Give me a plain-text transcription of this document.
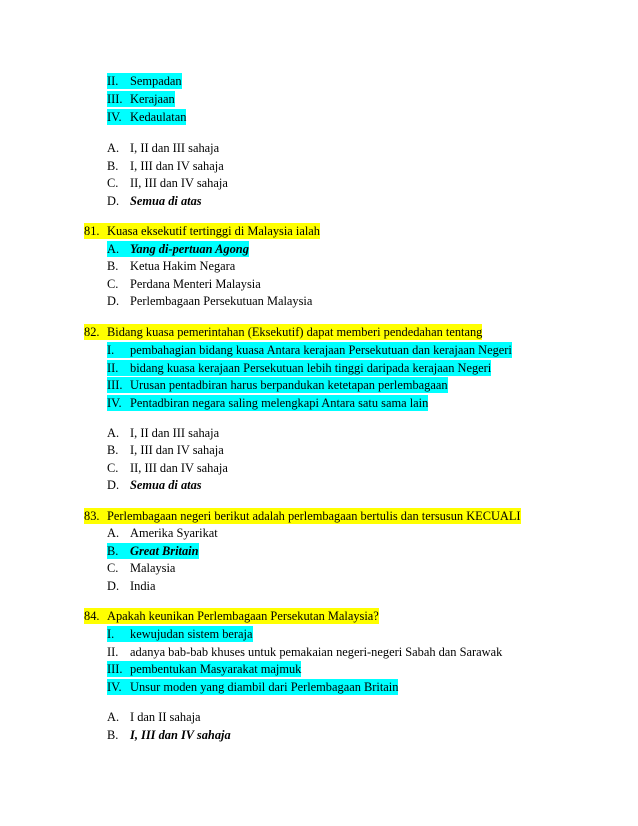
II. Sempadan
III. Kerajaan
IV. Kedaulatan
A. I, II dan III sahaja
B. I, III dan IV sahaja
C. II, III dan IV sahaja
D. Semua di atas
81. Kuasa eksekutif tertinggi di Malaysia ialah
A. Yang di-pertuan Agong
B. Ketua Hakim Negara
C. Perdana Menteri Malaysia
D. Perlembagaan Persekutuan Malaysia
82. Bidang kuasa pemerintahan (Eksekutif) dapat memberi pendedahan tentang
I. pembahagian bidang kuasa Antara kerajaan Persekutuan dan kerajaan Negeri
II. bidang kuasa kerajaan Persekutuan lebih tinggi daripada kerajaan Negeri
III. Urusan pentadbiran harus berpandukan ketetapan perlembagaan
IV. Pentadbiran negara saling melengkapi Antara satu sama lain
A. I, II dan III sahaja
B. I, III dan IV sahaja
C. II, III dan IV sahaja
D. Semua di atas
83. Perlembagaan negeri berikut adalah perlembagaan bertulis dan tersusun KECUALI
A. Amerika Syarikat
B. Great Britain
C. Malaysia
D. India
84. Apakah keunikan Perlembagaan Persekutan Malaysia?
I. kewujudan sistem beraja
II. adanya bab-bab khuses untuk pemakaian negeri-negeri Sabah dan Sarawak
III. pembentukan Masyarakat majmuk
IV. Unsur moden yang diambil dari Perlembagaan Britain
A. I dan II sahaja
B. I, III dan IV sahaja
